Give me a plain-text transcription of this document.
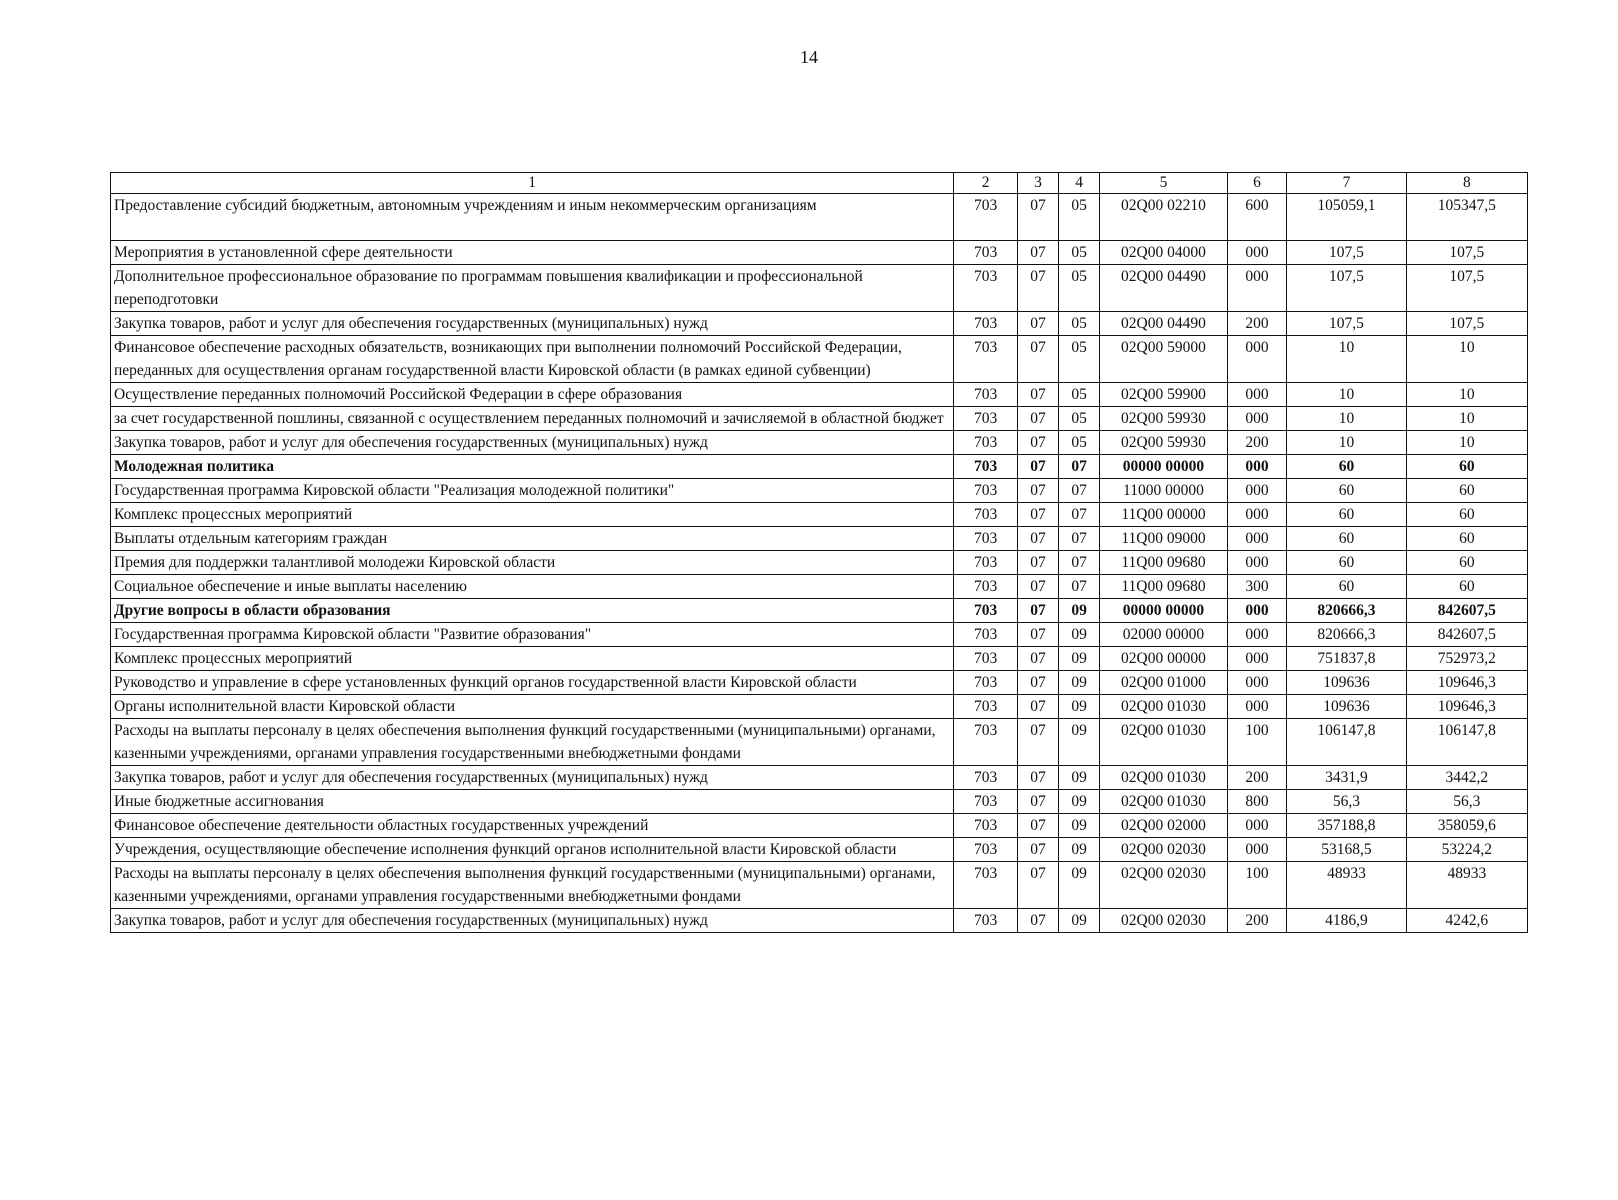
14
1	2	3	4	5	6	7	8
Предоставление субсидий бюджетным, автономным учреждениям и иным некоммерческим организациям	703	07	05	02Q00 02210	600	105059,1	105347,5
Мероприятия в установленной сфере деятельности	703	07	05	02Q00 04000	000	107,5	107,5
Дополнительное профессиональное образование по программам повышения квалификации и профессиональной переподготовки	703	07	05	02Q00 04490	000	107,5	107,5
Закупка товаров, работ и услуг для обеспечения государственных (муниципальных) нужд	703	07	05	02Q00 04490	200	107,5	107,5
Финансовое обеспечение расходных обязательств, возникающих при выполнении полномочий Российской Федерации, переданных для осуществления органам государственной власти Кировской области (в рамках единой субвенции)	703	07	05	02Q00 59000	000	10	10
Осуществление переданных полномочий Российской Федерации в сфере образования	703	07	05	02Q00 59900	000	10	10
за счет государственной пошлины, связанной с осуществлением переданных полномочий и зачисляемой в областной бюджет	703	07	05	02Q00 59930	000	10	10
Закупка товаров, работ и услуг для обеспечения государственных (муниципальных) нужд	703	07	05	02Q00 59930	200	10	10
Молодежная политика	703	07	07	00000 00000	000	60	60
Государственная программа Кировской области "Реализация молодежной политики"	703	07	07	11000 00000	000	60	60
Комплекс процессных мероприятий	703	07	07	11Q00 00000	000	60	60
Выплаты отдельным категориям граждан	703	07	07	11Q00 09000	000	60	60
Премия для поддержки талантливой молодежи Кировской области	703	07	07	11Q00 09680	000	60	60
Социальное обеспечение и иные выплаты населению	703	07	07	11Q00 09680	300	60	60
Другие вопросы в области образования	703	07	09	00000 00000	000	820666,3	842607,5
Государственная программа Кировской области "Развитие образования"	703	07	09	02000 00000	000	820666,3	842607,5
Комплекс процессных мероприятий	703	07	09	02Q00 00000	000	751837,8	752973,2
Руководство и управление в сфере установленных функций органов государственной власти Кировской области	703	07	09	02Q00 01000	000	109636	109646,3
Органы исполнительной власти Кировской области	703	07	09	02Q00 01030	000	109636	109646,3
Расходы на выплаты персоналу в целях обеспечения выполнения функций государственными (муниципальными) органами, казенными учреждениями, органами управления государственными внебюджетными фондами	703	07	09	02Q00 01030	100	106147,8	106147,8
Закупка товаров, работ и услуг для обеспечения государственных (муниципальных) нужд	703	07	09	02Q00 01030	200	3431,9	3442,2
Иные бюджетные ассигнования	703	07	09	02Q00 01030	800	56,3	56,3
Финансовое обеспечение деятельности областных государственных учреждений	703	07	09	02Q00 02000	000	357188,8	358059,6
Учреждения, осуществляющие обеспечение исполнения функций органов исполнительной власти Кировской области	703	07	09	02Q00 02030	000	53168,5	53224,2
Расходы на выплаты персоналу в целях обеспечения выполнения функций государственными (муниципальными) органами, казенными учреждениями, органами управления государственными внебюджетными фондами	703	07	09	02Q00 02030	100	48933	48933
Закупка товаров, работ и услуг для обеспечения государственных (муниципальных) нужд	703	07	09	02Q00 02030	200	4186,9	4242,6
